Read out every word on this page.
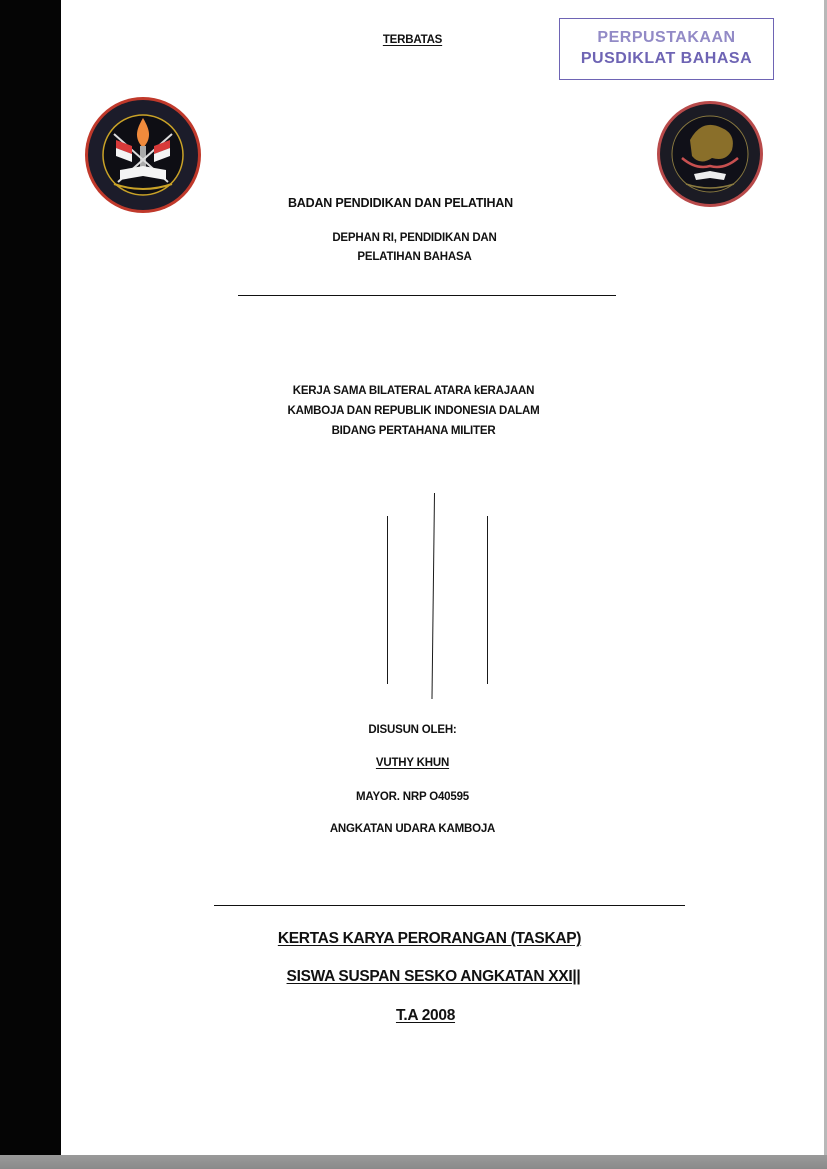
TERBATAS	PERPUSTAKAAN
PUSDIKLAT BAHASA
BADAN PENDIDIKAN DAN PELATIHAN
DEPHAN RI, PENDIDIKAN DAN
PELATIHAN BAHASA
KERJA SAMA BILATERAL ATARA kERAJAAN
KAMBOJA DAN REPUBLIK INDONESIA DALAM
BIDANG PERTAHANA MILITER
DISUSUN OLEH:
VUTHY KHUN
MAYOR. NRP O40595
ANGKATAN UDARA KAMBOJA
KERTAS KARYA PERORANGAN (TASKAP)
SISWA SUSPAN SESKO ANGKATAN XXI||
T.A 2008
